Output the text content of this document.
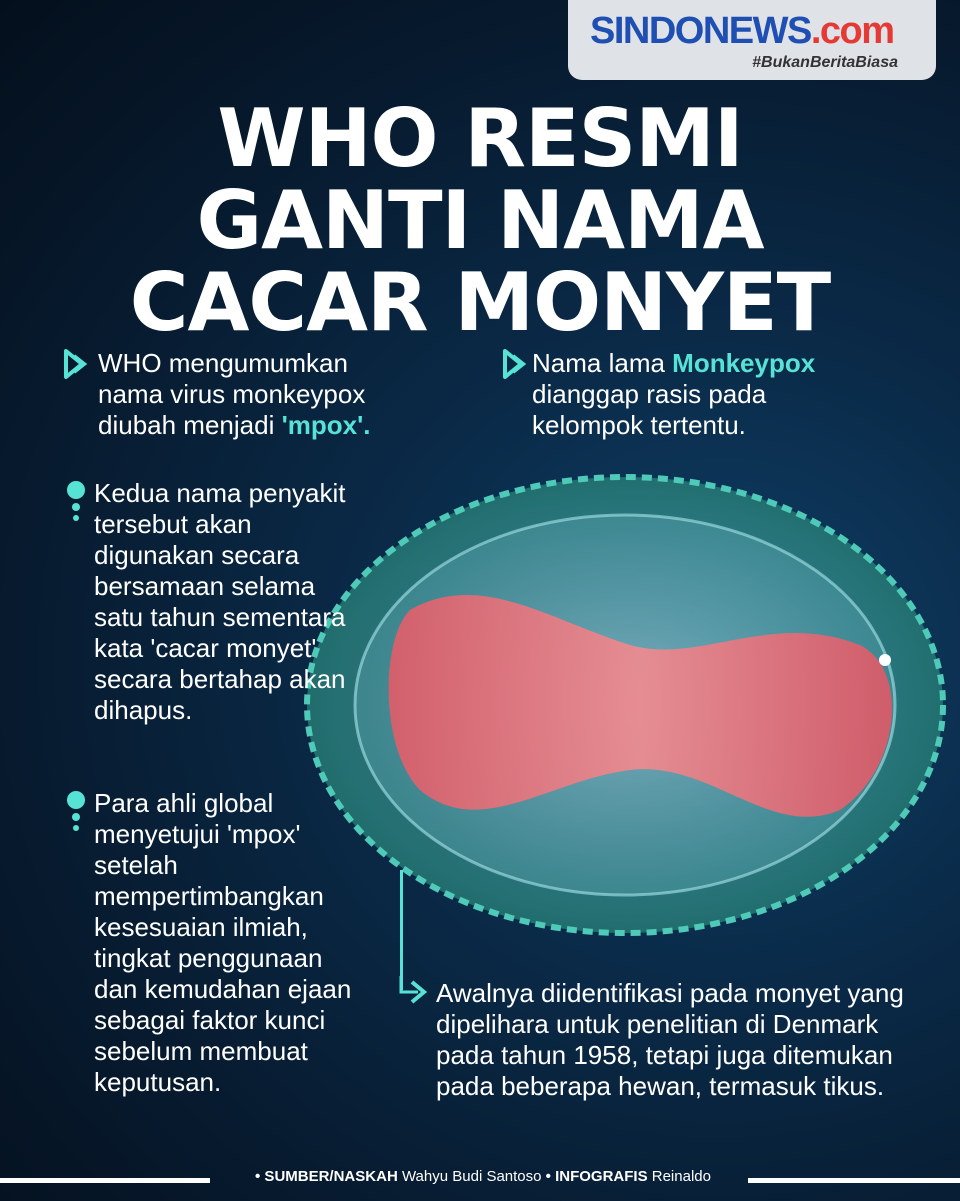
SINDONEWS.com
#BukanBeritaBiasa
WHO RESMI
GANTI NAMA
CACAR MONYET
WHO mengumumkan nama virus monkeypox diubah menjadi 'mpox'.
Nama lama Monkeypox dianggap rasis pada kelompok tertentu.
Kedua nama penyakit tersebut akan digunakan secara bersamaan selama satu tahun sementara kata 'cacar monyet' secara bertahap akan dihapus.
Para ahli global menyetujui 'mpox' setelah mempertimbangkan kesesuaian ilmiah, tingkat penggunaan dan kemudahan ejaan sebagai faktor kunci sebelum membuat keputusan.
Awalnya diidentifikasi pada monyet yang dipelihara untuk penelitian di Denmark pada tahun 1958, tetapi juga ditemukan pada beberapa hewan, termasuk tikus.
• SUMBER/NASKAH Wahyu Budi Santoso • INFOGRAFIS Reinaldo
